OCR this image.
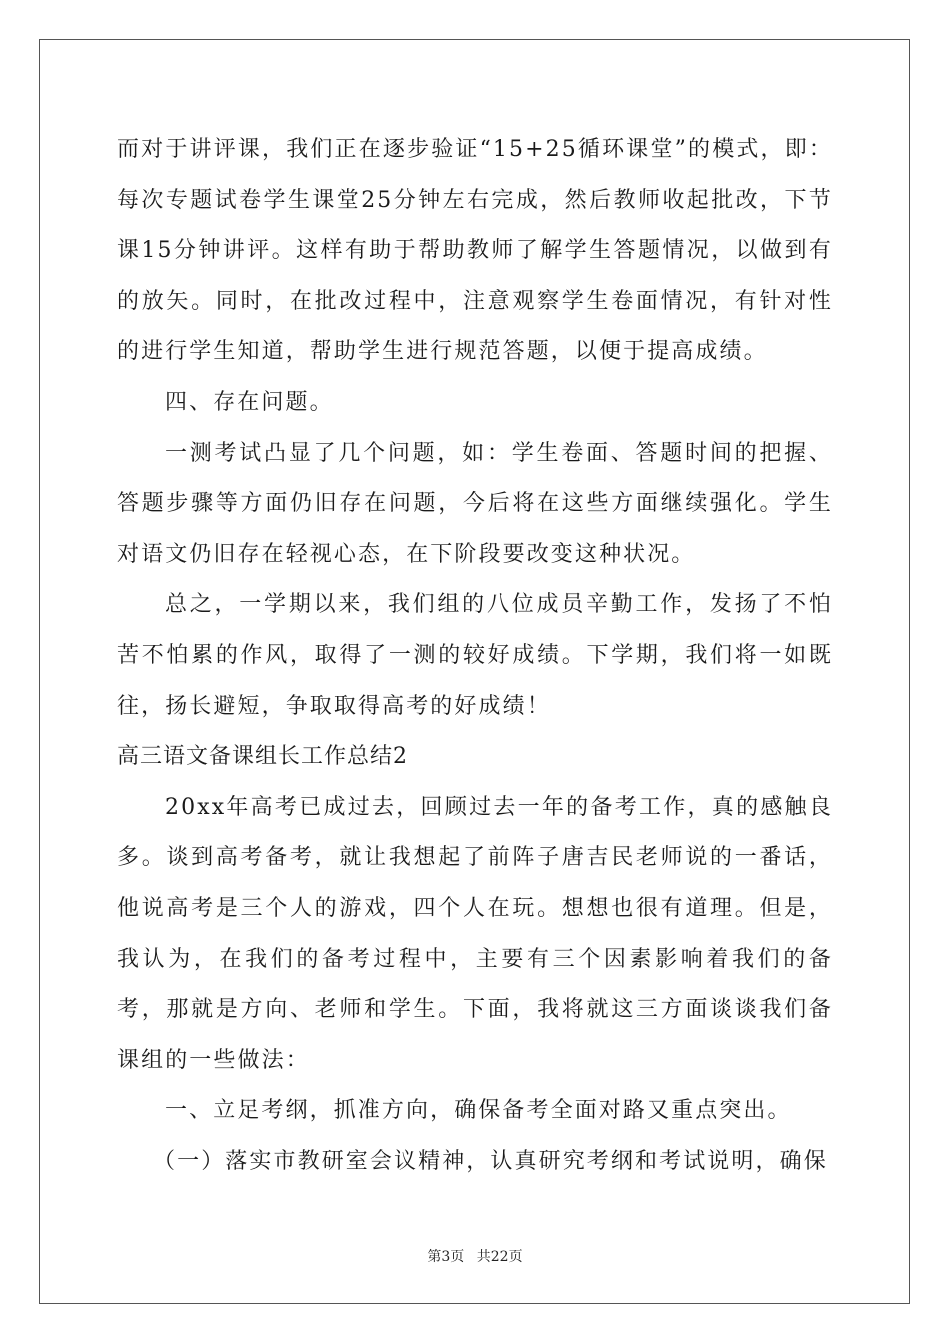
而对于讲评课，我们正在逐步验证“15+25循环课堂”的模式，即：每次专题试卷学生课堂25分钟左右完成，然后教师收起批改，下节课15分钟讲评。这样有助于帮助教师了解学生答题情况，以做到有的放矢。同时，在批改过程中，注意观察学生卷面情况，有针对性的进行学生知道，帮助学生进行规范答题，以便于提高成绩。

四、存在问题。

一测考试凸显了几个问题，如：学生卷面、答题时间的把握、答题步骤等方面仍旧存在问题，今后将在这些方面继续强化。学生对语文仍旧存在轻视心态，在下阶段要改变这种状况。

总之，一学期以来，我们组的八位成员辛勤工作，发扬了不怕苦不怕累的作风，取得了一测的较好成绩。下学期，我们将一如既往，扬长避短，争取取得高考的好成绩！

高三语文备课组长工作总结2

20xx年高考已成过去，回顾过去一年的备考工作，真的感触良多。谈到高考备考，就让我想起了前阵子唐吉民老师说的一番话，他说高考是三个人的游戏，四个人在玩。想想也很有道理。但是，我认为，在我们的备考过程中，主要有三个因素影响着我们的备考，那就是方向、老师和学生。下面，我将就这三方面谈谈我们备课组的一些做法：

一、立足考纲，抓准方向，确保备考全面对路又重点突出。

（一）落实市教研室会议精神，认真研究考纲和考试说明，确保

第3页 共22页
